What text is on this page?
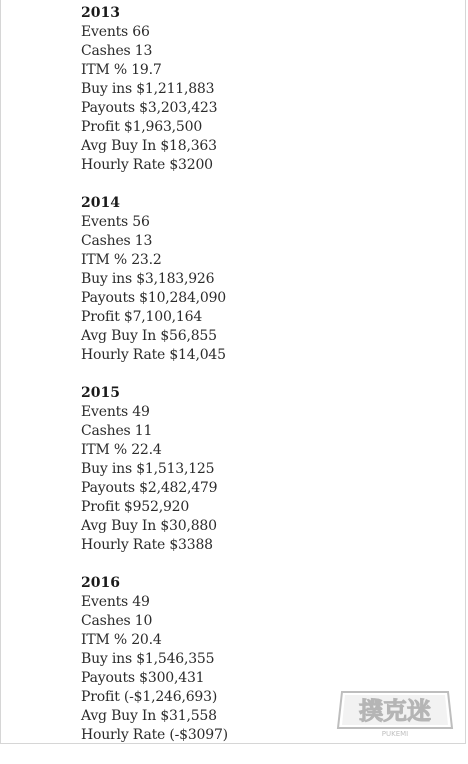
2013
Events 66
Cashes 13
ITM % 19.7
Buy ins $1,211,883
Payouts $3,203,423
Profit $1,963,500
Avg Buy In $18,363
Hourly Rate $3200
2014
Events 56
Cashes 13
ITM % 23.2
Buy ins $3,183,926
Payouts $10,284,090
Profit $7,100,164
Avg Buy In $56,855
Hourly Rate $14,045
2015
Events 49
Cashes 11
ITM % 22.4
Buy ins $1,513,125
Payouts $2,482,479
Profit $952,920
Avg Buy In $30,880
Hourly Rate $3388
2016
Events 49
Cashes 10
ITM % 20.4
Buy ins $1,546,355
Payouts $300,431
Profit (-$1,246,693)
Avg Buy In $31,558
Hourly Rate (-$3097)
撲克迷
PUKEMI
